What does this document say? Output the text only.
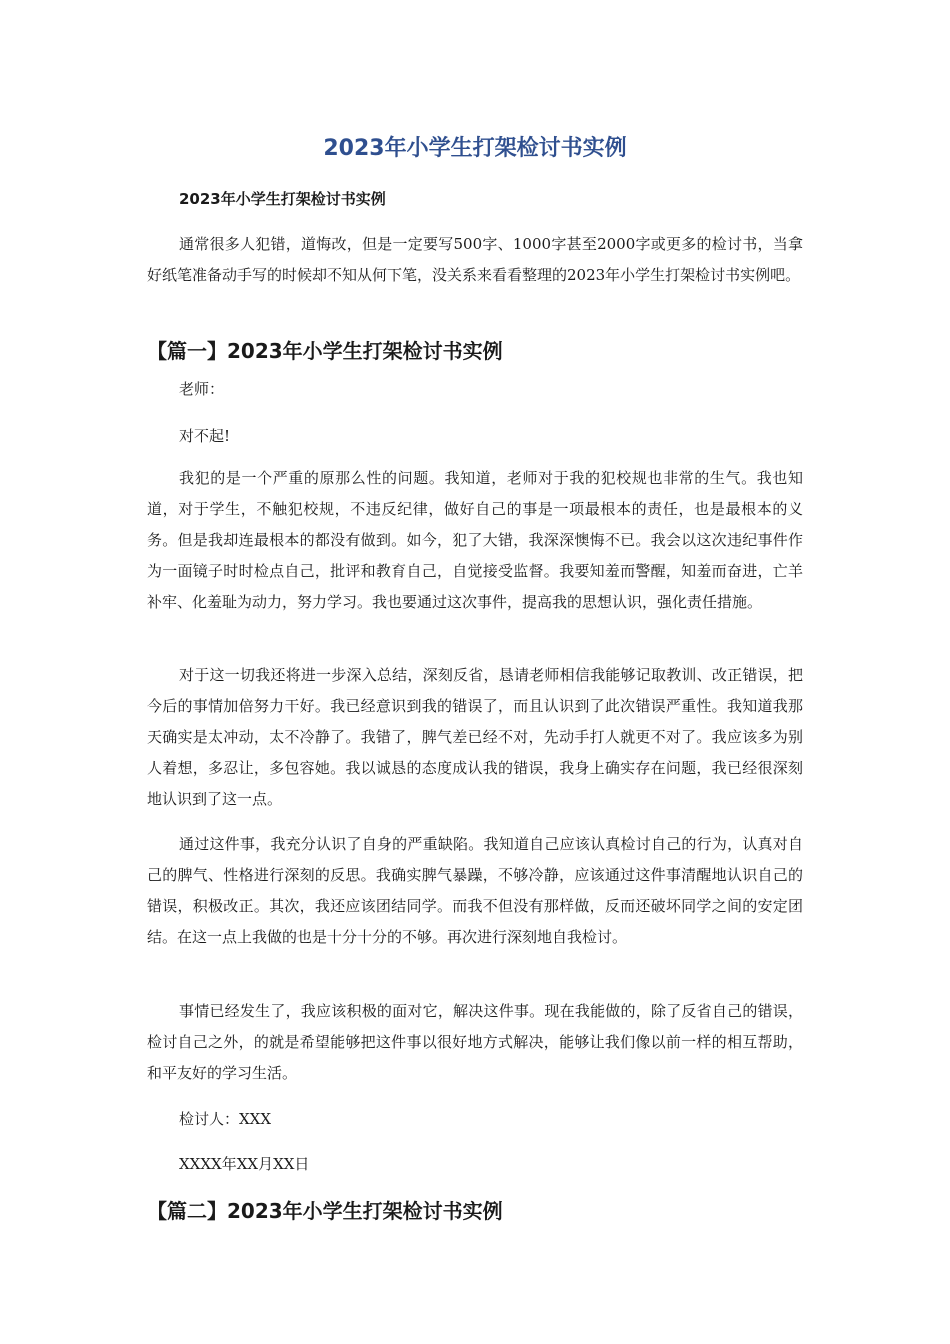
2023年小学生打架检讨书实例
2023年小学生打架检讨书实例

通常很多人犯错，道悔改，但是一定要写500字、1000字甚至2000字或更多的检讨书，当拿好纸笔准备动手写的时候却不知从何下笔，没关系来看看整理的2023年小学生打架检讨书实例吧。

【篇一】2023年小学生打架检讨书实例
老师：
对不起!

我犯的是一个严重的原那么性的问题。我知道，老师对于我的犯校规也非常的生气。我也知道，对于学生，不触犯校规，不违反纪律，做好自己的事是一项最根本的责任，也是最根本的义务。但是我却连最根本的都没有做到。如今，犯了大错，我深深懊悔不已。我会以这次违纪事件作为一面镜子时时检点自己，批评和教育自己，自觉接受监督。我要知羞而警醒，知羞而奋进，亡羊补牢、化羞耻为动力，努力学习。我也要通过这次事件，提高我的思想认识，强化责任措施。

对于这一切我还将进一步深入总结，深刻反省，恳请老师相信我能够记取教训、改正错误，把今后的事情加倍努力干好。我已经意识到我的错误了，而且认识到了此次错误严重性。我知道我那天确实是太冲动，太不冷静了。我错了，脾气差已经不对，先动手打人就更不对了。我应该多为别人着想，多忍让，多包容她。我以诚恳的态度成认我的错误，我身上确实存在问题，我已经很深刻地认识到了这一点。

通过这件事，我充分认识了自身的严重缺陷。我知道自己应该认真检讨自己的行为，认真对自己的脾气、性格进行深刻的反思。我确实脾气暴躁，不够冷静，应该通过这件事清醒地认识自己的错误，积极改正。其次，我还应该团结同学。而我不但没有那样做，反而还破坏同学之间的安定团结。在这一点上我做的也是十分十分的不够。再次进行深刻地自我检讨。

事情已经发生了，我应该积极的面对它，解决这件事。现在我能做的，除了反省自己的错误，检讨自己之外，的就是希望能够把这件事以很好地方式解决，能够让我们像以前一样的相互帮助，和平友好的学习生活。

检讨人：XXX
XXXX年XX月XX日
【篇二】2023年小学生打架检讨书实例
